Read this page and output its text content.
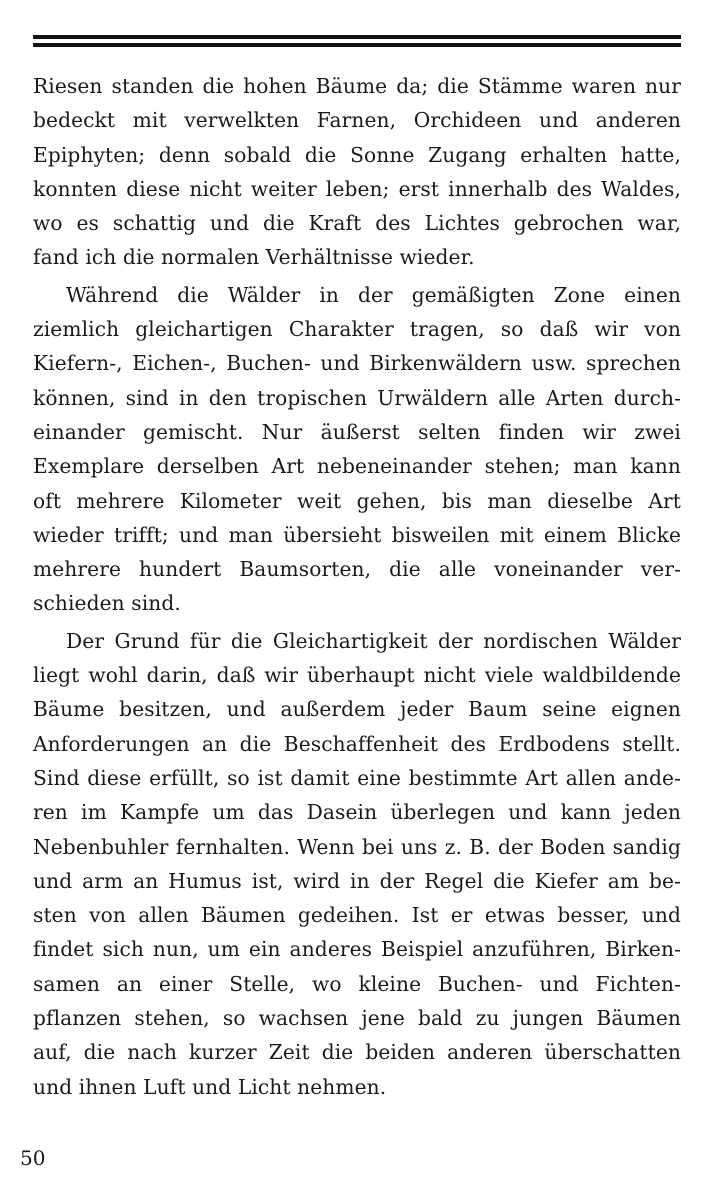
Riesen standen die hohen Bäume da; die Stämme waren nur
bedeckt mit verwelkten Farnen, Orchideen und anderen
Epiphyten; denn sobald die Sonne Zugang erhalten hatte,
konnten diese nicht weiter leben; erst innerhalb des Waldes,
wo es schattig und die Kraft des Lichtes gebrochen war,
fand ich die normalen Verhältnisse wieder.

Während die Wälder in der gemäßigten Zone einen
ziemlich gleichartigen Charakter tragen, so daß wir von
Kiefern-, Eichen-, Buchen- und Birkenwäldern usw. sprechen
können, sind in den tropischen Urwäldern alle Arten durch-
einander gemischt. Nur äußerst selten finden wir zwei
Exemplare derselben Art nebeneinander stehen; man kann
oft mehrere Kilometer weit gehen, bis man dieselbe Art
wieder trifft; und man übersieht bisweilen mit einem Blicke
mehrere hundert Baumsorten, die alle voneinander ver-
schieden sind.

Der Grund für die Gleichartigkeit der nordischen Wälder
liegt wohl darin, daß wir überhaupt nicht viele waldbildende
Bäume besitzen, und außerdem jeder Baum seine eignen
Anforderungen an die Beschaffenheit des Erdbodens stellt.
Sind diese erfüllt, so ist damit eine bestimmte Art allen ande-
ren im Kampfe um das Dasein überlegen und kann jeden
Nebenbuhler fernhalten. Wenn bei uns z. B. der Boden sandig
und arm an Humus ist, wird in der Regel die Kiefer am be-
sten von allen Bäumen gedeihen. Ist er etwas besser, und
findet sich nun, um ein anderes Beispiel anzuführen, Birken-
samen an einer Stelle, wo kleine Buchen- und Fichten-
pflanzen stehen, so wachsen jene bald zu jungen Bäumen
auf, die nach kurzer Zeit die beiden anderen überschatten
und ihnen Luft und Licht nehmen.

50
